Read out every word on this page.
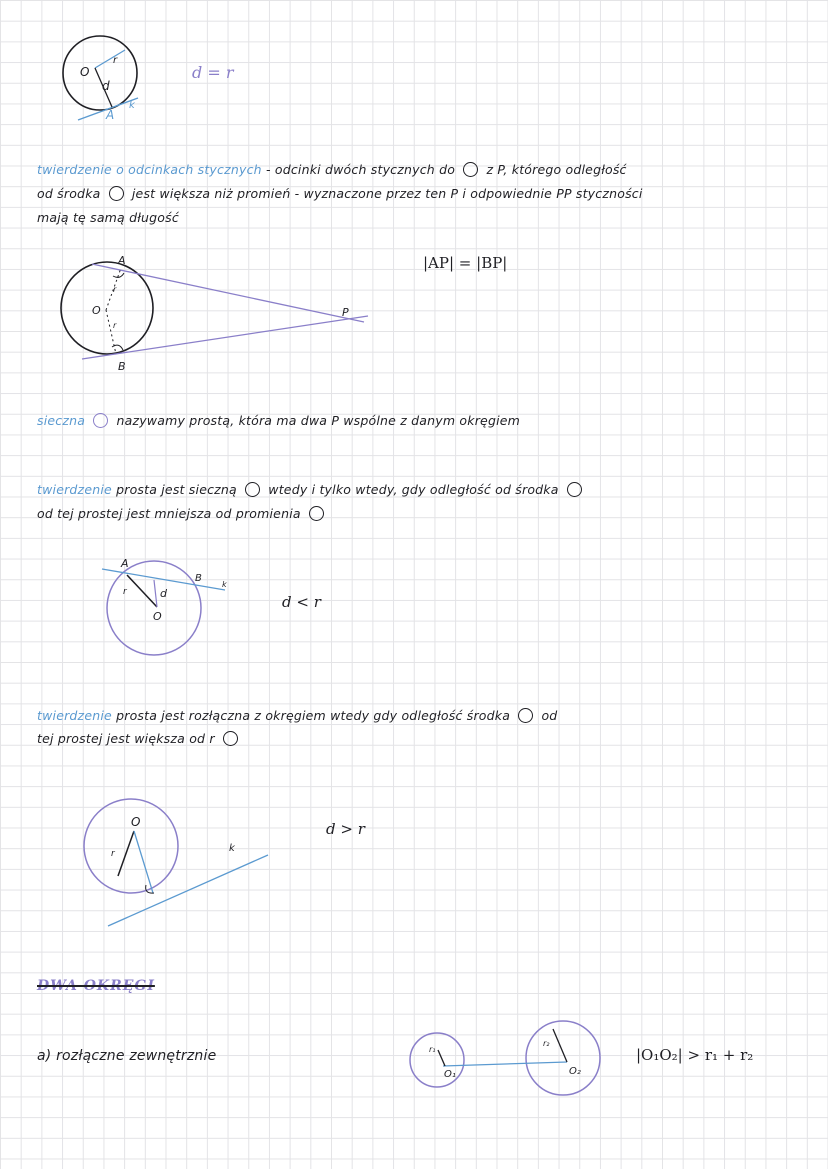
O
r
d
A
k
A
B
O	P
r
r
A
B
k
r	d
O
O
r	k
r₁
O₁
r₂
O₂
d = r
twierdzenie o odcinkach stycznych - odcinki dwóch stycznych do	z P, którego odległość
od środka	jest większa niż promień - wyznaczone przez ten P i odpowiednie PP styczności
mają tę samą długość
|AP| = |BP|
sieczna	nazywamy prostą, która ma dwa P wspólne z danym okręgiem
twierdzenie prosta jest sieczną	wtedy i tylko wtedy, gdy odległość od środka
od tej prostej jest mniejsza od promienia
d < r
twierdzenie prosta jest rozłączna z okręgiem wtedy gdy odległość środka	od
tej prostej jest większa od r
d > r
DWA OKRĘGI
a) rozłączne zewnętrznie	|O₁O₂| > r₁ + r₂
